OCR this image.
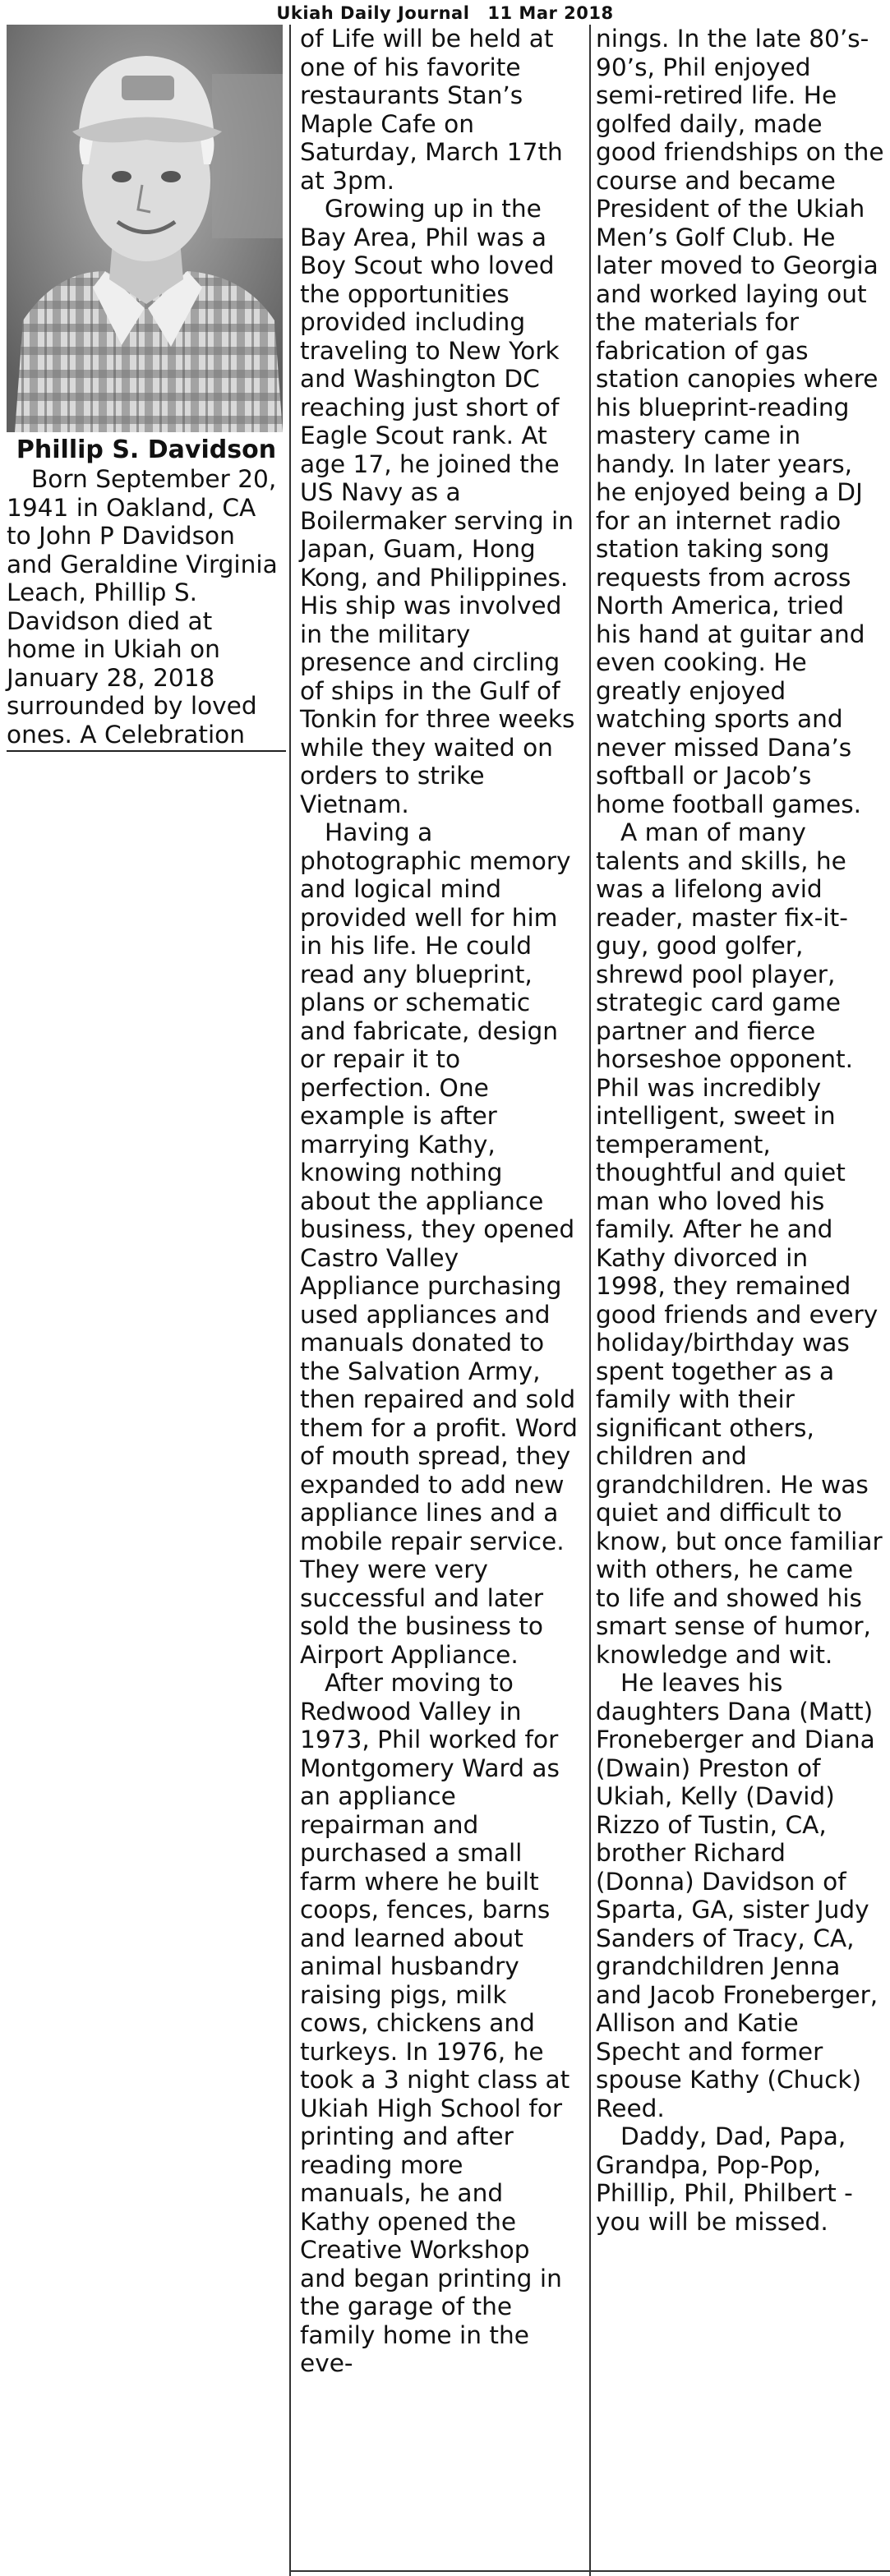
Ukiah Daily Journal 11 Mar 2018
Phillip S. Davidson

Born September 20, 1941 in Oakland, CA to John P Davidson and Geraldine Virginia Leach, Phillip S. Davidson died at home in Ukiah on January 28, 2018 surrounded by loved ones. A Celebration

of Life will be held at one of his favorite restaurants Stan’s Maple Cafe on Saturday, March 17th at 3pm.

Growing up in the Bay Area, Phil was a Boy Scout who loved the opportunities provided including traveling to New York and Washington DC reaching just short of Eagle Scout rank. At age 17, he joined the US Navy as a Boilermaker serving in Japan, Guam, Hong Kong, and Philippines. His ship was involved in the military presence and circling of ships in the Gulf of Tonkin for three weeks while they waited on orders to strike Vietnam.

Having a photographic memory and logical mind provided well for him in his life. He could read any blueprint, plans or schematic and fabricate, design or repair it to perfection. One example is after marrying Kathy, knowing nothing about the appliance business, they opened Castro Valley Appliance purchasing used appliances and manuals donated to the Salvation Army, then repaired and sold them for a profit. Word of mouth spread, they expanded to add new appliance lines and a mobile repair service. They were very successful and later sold the business to Airport Appliance.

After moving to Redwood Valley in 1973, Phil worked for Montgomery Ward as an appliance repairman and purchased a small farm where he built coops, fences, barns and learned about animal husbandry raising pigs, milk cows, chickens and turkeys. In 1976, he took a 3 night class at Ukiah High School for printing and after reading more manuals, he and Kathy opened the Creative Workshop and began printing in the garage of the family home in the eve-

nings. In the late 80’s-90’s, Phil enjoyed semi-retired life. He golfed daily, made good friendships on the course and became President of the Ukiah Men’s Golf Club. He later moved to Georgia and worked laying out the materials for fabrication of gas station canopies where his blueprint-reading mastery came in handy. In later years, he enjoyed being a DJ for an internet radio station taking song requests from across North America, tried his hand at guitar and even cooking. He greatly enjoyed watching sports and never missed Dana’s softball or Jacob’s home football games.

A man of many talents and skills, he was a lifelong avid reader, master fix-it-guy, good golfer, shrewd pool player, strategic card game partner and fierce horseshoe opponent. Phil was incredibly intelligent, sweet in temperament, thoughtful and quiet man who loved his family. After he and Kathy divorced in 1998, they remained good friends and every holiday/birthday was spent together as a family with their significant others, children and grandchildren. He was quiet and difficult to know, but once familiar with others, he came to life and showed his smart sense of humor, knowledge and wit.

He leaves his daughters Dana (Matt) Froneberger and Diana (Dwain) Preston of Ukiah, Kelly (David) Rizzo of Tustin, CA, brother Richard (Donna) Davidson of Sparta, GA, sister Judy Sanders of Tracy, CA, grandchildren Jenna and Jacob Froneberger, Allison and Katie Specht and former spouse Kathy (Chuck) Reed.

Daddy, Dad, Papa, Grandpa, Pop-Pop, Phillip, Phil, Philbert - you will be missed.
